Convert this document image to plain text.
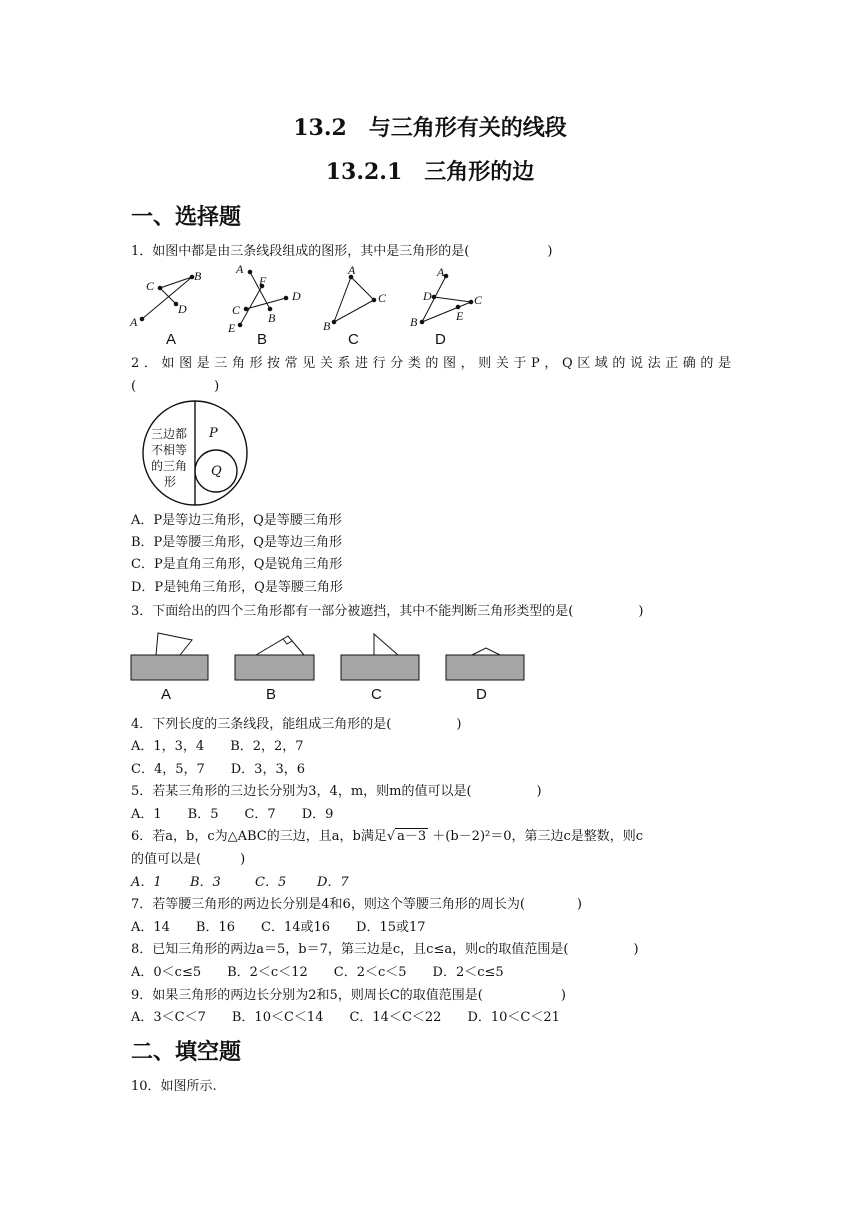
13.2　与三角形有关的线段
13.2.1　三角形的边
一、选择题
1．如图中都是由三条线段组成的图形，其中是三角形的是(　　　　　　)
B
C
D
A
A
F
D
C
B
E
A
C
B
A
D	C
E
B
A	B	C	D
2．如图是三角形按常见关系进行分类的图，则关于P，Q区域的说法正确的是
(　　　　　　)
三边都
不相等
的三角
形
P
Q
A．P是等边三角形，Q是等腰三角形
B．P是等腰三角形，Q是等边三角形
C．P是直角三角形，Q是锐角三角形
D．P是钝角三角形，Q是等腰三角形
3．下面给出的四个三角形都有一部分被遮挡，其中不能判断三角形类型的是(　　　　　)
A	B	C	D
4．下列长度的三条线段，能组成三角形的是(　　　　　)
A．1，3，4　　B．2，2，7
C．4，5，7　　D．3，3，6
5．若某三角形的三边长分别为3，4，m，则m的值可以是(　　　　　)
A．1　　B．5　　C．7　　D．9
6．若a，b，c为△ABC的三边，且a，b满足√ a－3 ＋(b－2)²＝0，第三边c是整数，则c
的值可以是(　　　)
A．1 B．3	C．5 D．7
7．若等腰三角形的两边长分别是4和6，则这个等腰三角形的周长为(　　　　)
A．14　　B．16　　C．14或16　　D．15或17
8．已知三角形的两边a＝5，b＝7，第三边是c，且c≤a，则c的取值范围是(　　　　　)
A．0＜c≤5　　B．2＜c＜12　　C．2＜c＜5　　D．2＜c≤5
9．如果三角形的两边长分别为2和5，则周长C的取值范围是(　　　　　　)
A．3＜C＜7　　B．10＜C＜14　　C．14＜C＜22　　D．10＜C＜21
二、填空题
10．如图所示.
